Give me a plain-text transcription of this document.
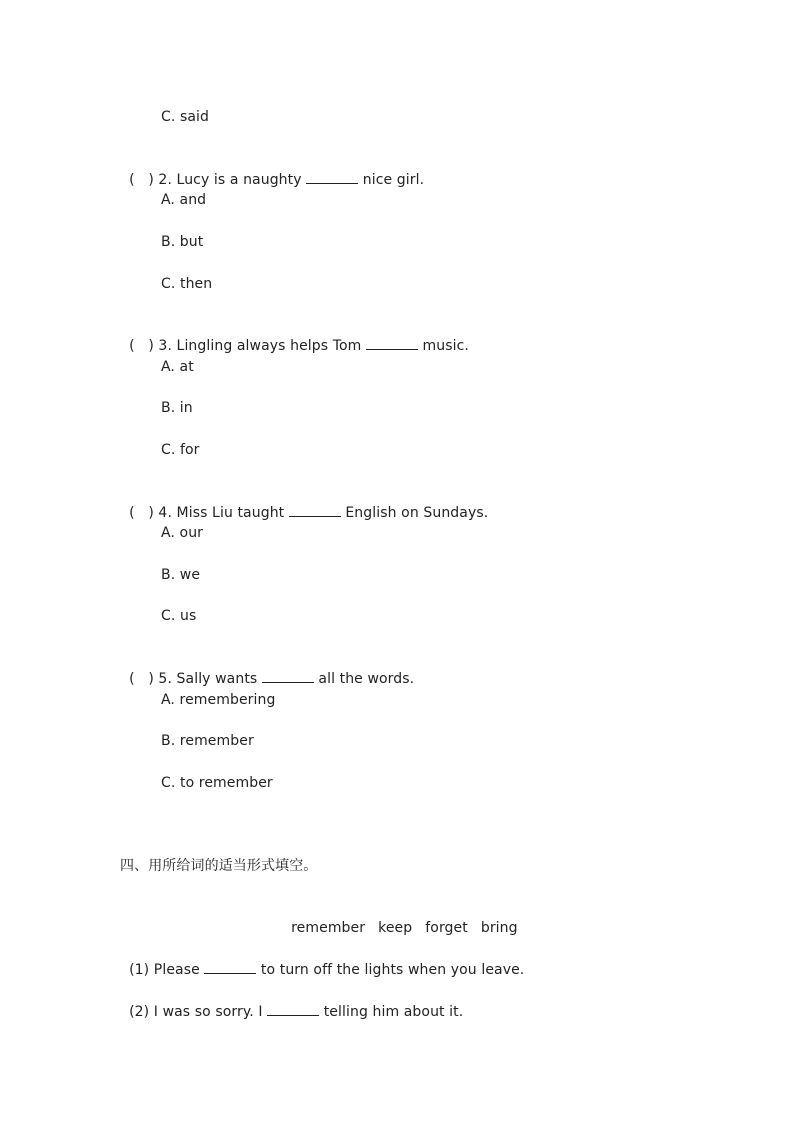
C. said

(   ) 2. Lucy is a naughty	nice girl.

A. and
B. but
C. then

(   ) 3. Lingling always helps Tom	music.

A. at
B. in
C. for

(   ) 4. Miss Liu taught	English on Sundays.

A. our
B. we
C. us

(   ) 5. Sally wants	all the words.

A. remembering
B. remember
C. to remember
四、用所给词的适当形式填空。

remember keep forget bring

(1) Please	to turn off the lights when you leave.

(2) I was so sorry. I	telling him about it.
